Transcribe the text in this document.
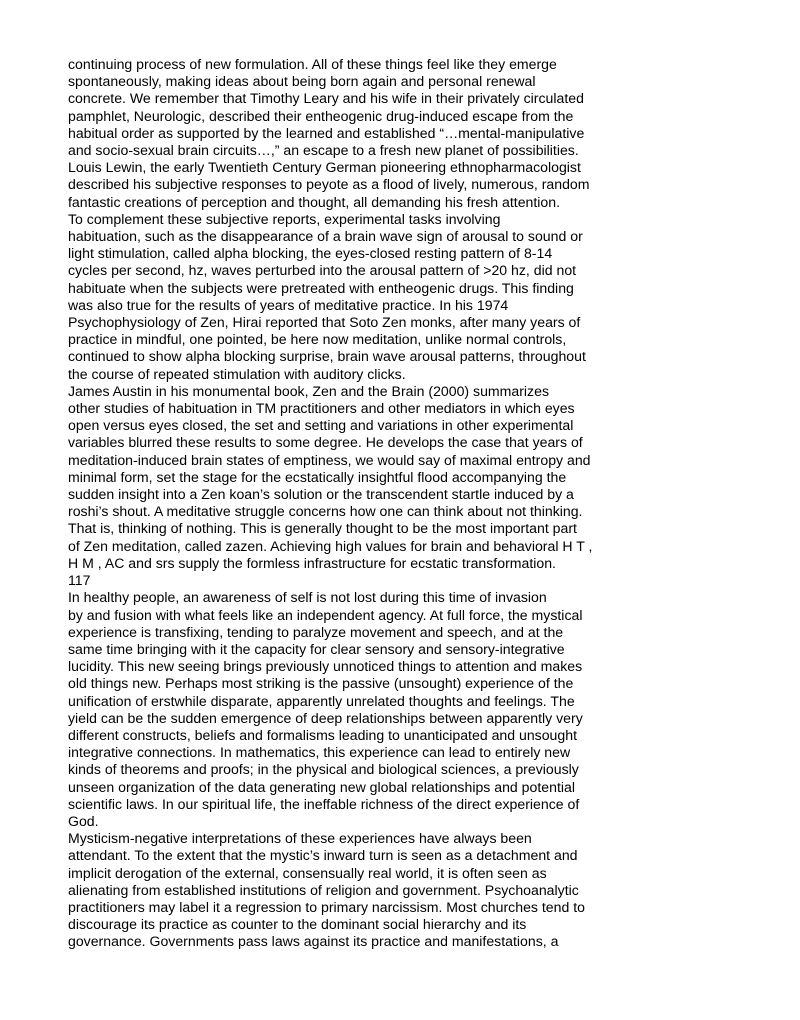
continuing process of new formulation. All of these things feel like they emerge
spontaneously, making ideas about being born again and personal renewal
concrete. We remember that Timothy Leary and his wife in their privately circulated
pamphlet, Neurologic, described their entheogenic drug-induced escape from the
habitual order as supported by the learned and established “…mental-manipulative
and socio-sexual brain circuits…,” an escape to a fresh new planet of possibilities.
Louis Lewin, the early Twentieth Century German pioneering ethnopharmacologist
described his subjective responses to peyote as a flood of lively, numerous, random
fantastic creations of perception and thought, all demanding his fresh attention.
To complement these subjective reports, experimental tasks involving
habituation, such as the disappearance of a brain wave sign of arousal to sound or
light stimulation, called alpha blocking, the eyes-closed resting pattern of 8-14
cycles per second, hz, waves perturbed into the arousal pattern of >20 hz, did not
habituate when the subjects were pretreated with entheogenic drugs. This finding
was also true for the results of years of meditative practice. In his 1974
Psychophysiology of Zen, Hirai reported that Soto Zen monks, after many years of
practice in mindful, one pointed, be here now meditation, unlike normal controls,
continued to show alpha blocking surprise, brain wave arousal patterns, throughout
the course of repeated stimulation with auditory clicks.
James Austin in his monumental book, Zen and the Brain (2000) summarizes
other studies of habituation in TM practitioners and other mediators in which eyes
open versus eyes closed, the set and setting and variations in other experimental
variables blurred these results to some degree. He develops the case that years of
meditation-induced brain states of emptiness, we would say of maximal entropy and
minimal form, set the stage for the ecstatically insightful flood accompanying the
sudden insight into a Zen koan’s solution or the transcendent startle induced by a
roshi’s shout. A meditative struggle concerns how one can think about not thinking.
That is, thinking of nothing. This is generally thought to be the most important part
of Zen meditation, called zazen. Achieving high values for brain and behavioral H T ,
H M , AC and srs supply the formless infrastructure for ecstatic transformation.
117
In healthy people, an awareness of self is not lost during this time of invasion
by and fusion with what feels like an independent agency. At full force, the mystical
experience is transfixing, tending to paralyze movement and speech, and at the
same time bringing with it the capacity for clear sensory and sensory-integrative
lucidity. This new seeing brings previously unnoticed things to attention and makes
old things new. Perhaps most striking is the passive (unsought) experience of the
unification of erstwhile disparate, apparently unrelated thoughts and feelings. The
yield can be the sudden emergence of deep relationships between apparently very
different constructs, beliefs and formalisms leading to unanticipated and unsought
integrative connections. In mathematics, this experience can lead to entirely new
kinds of theorems and proofs; in the physical and biological sciences, a previously
unseen organization of the data generating new global relationships and potential
scientific laws. In our spiritual life, the ineffable richness of the direct experience of
God.
Mysticism-negative interpretations of these experiences have always been
attendant. To the extent that the mystic’s inward turn is seen as a detachment and
implicit derogation of the external, consensually real world, it is often seen as
alienating from established institutions of religion and government. Psychoanalytic
practitioners may label it a regression to primary narcissism. Most churches tend to
discourage its practice as counter to the dominant social hierarchy and its
governance. Governments pass laws against its practice and manifestations, a
